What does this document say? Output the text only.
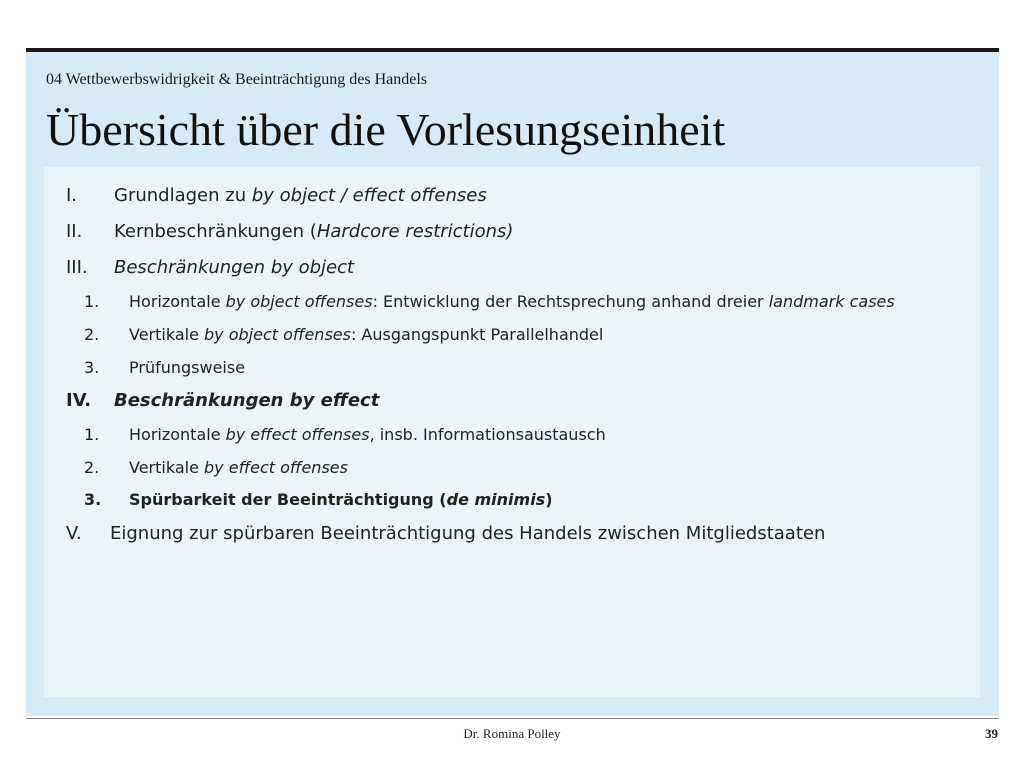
04 Wettbewerbswidrigkeit & Beeinträchtigung des Handels
Übersicht über die Vorlesungseinheit
I. Grundlagen zu by object / effect offenses
II. Kernbeschränkungen (Hardcore restrictions)
III. Beschränkungen by object
1. Horizontale by object offenses: Entwicklung der Rechtsprechung anhand dreier landmark cases
2. Vertikale by object offenses: Ausgangspunkt Parallelhandel
3. Prüfungsweise
IV. Beschränkungen by effect
1. Horizontale by effect offenses, insb. Informationsaustausch
2. Vertikale by effect offenses
3. Spürbarkeit der Beeinträchtigung (de minimis)
V. Eignung zur spürbaren Beeinträchtigung des Handels zwischen Mitgliedstaaten
Dr. Romina Polley	39
